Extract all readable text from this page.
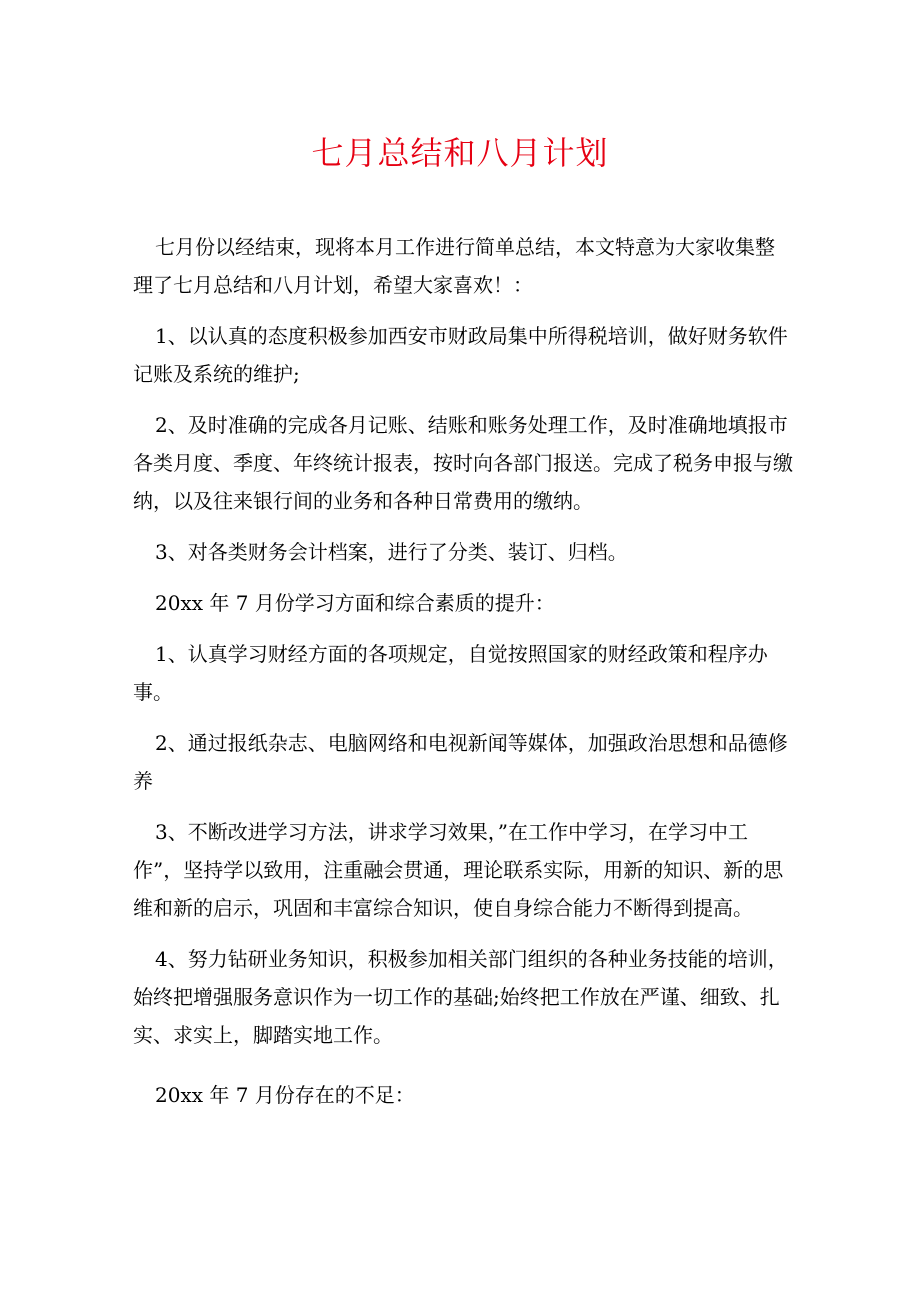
七月总结和八月计划

七月份以经结束，现将本月工作进行简单总结，本文特意为大家收集整理了七月总结和八月计划，希望大家喜欢！：

1、以认真的态度积极参加西安市财政局集中所得税培训，做好财务软件记账及系统的维护;

2、及时准确的完成各月记账、结账和账务处理工作，及时准确地填报市各类月度、季度、年终统计报表，按时向各部门报送。完成了税务申报与缴纳，以及往来银行间的业务和各种日常费用的缴纳。

3、对各类财务会计档案，进行了分类、装订、归档。

20xx 年 7 月份学习方面和综合素质的提升：

1、认真学习财经方面的各项规定，自觉按照国家的财经政策和程序办事。

2、通过报纸杂志、电脑网络和电视新闻等媒体，加强政治思想和品德修养

3、不断改进学习方法，讲求学习效果，”在工作中学习，在学习中工作”，坚持学以致用，注重融会贯通，理论联系实际，用新的知识、新的思维和新的启示，巩固和丰富综合知识，使自身综合能力不断得到提高。

4、努力钻研业务知识，积极参加相关部门组织的各种业务技能的培训，始终把增强服务意识作为一切工作的基础;始终把工作放在严谨、细致、扎实、求实上，脚踏实地工作。

20xx 年 7 月份存在的不足：
